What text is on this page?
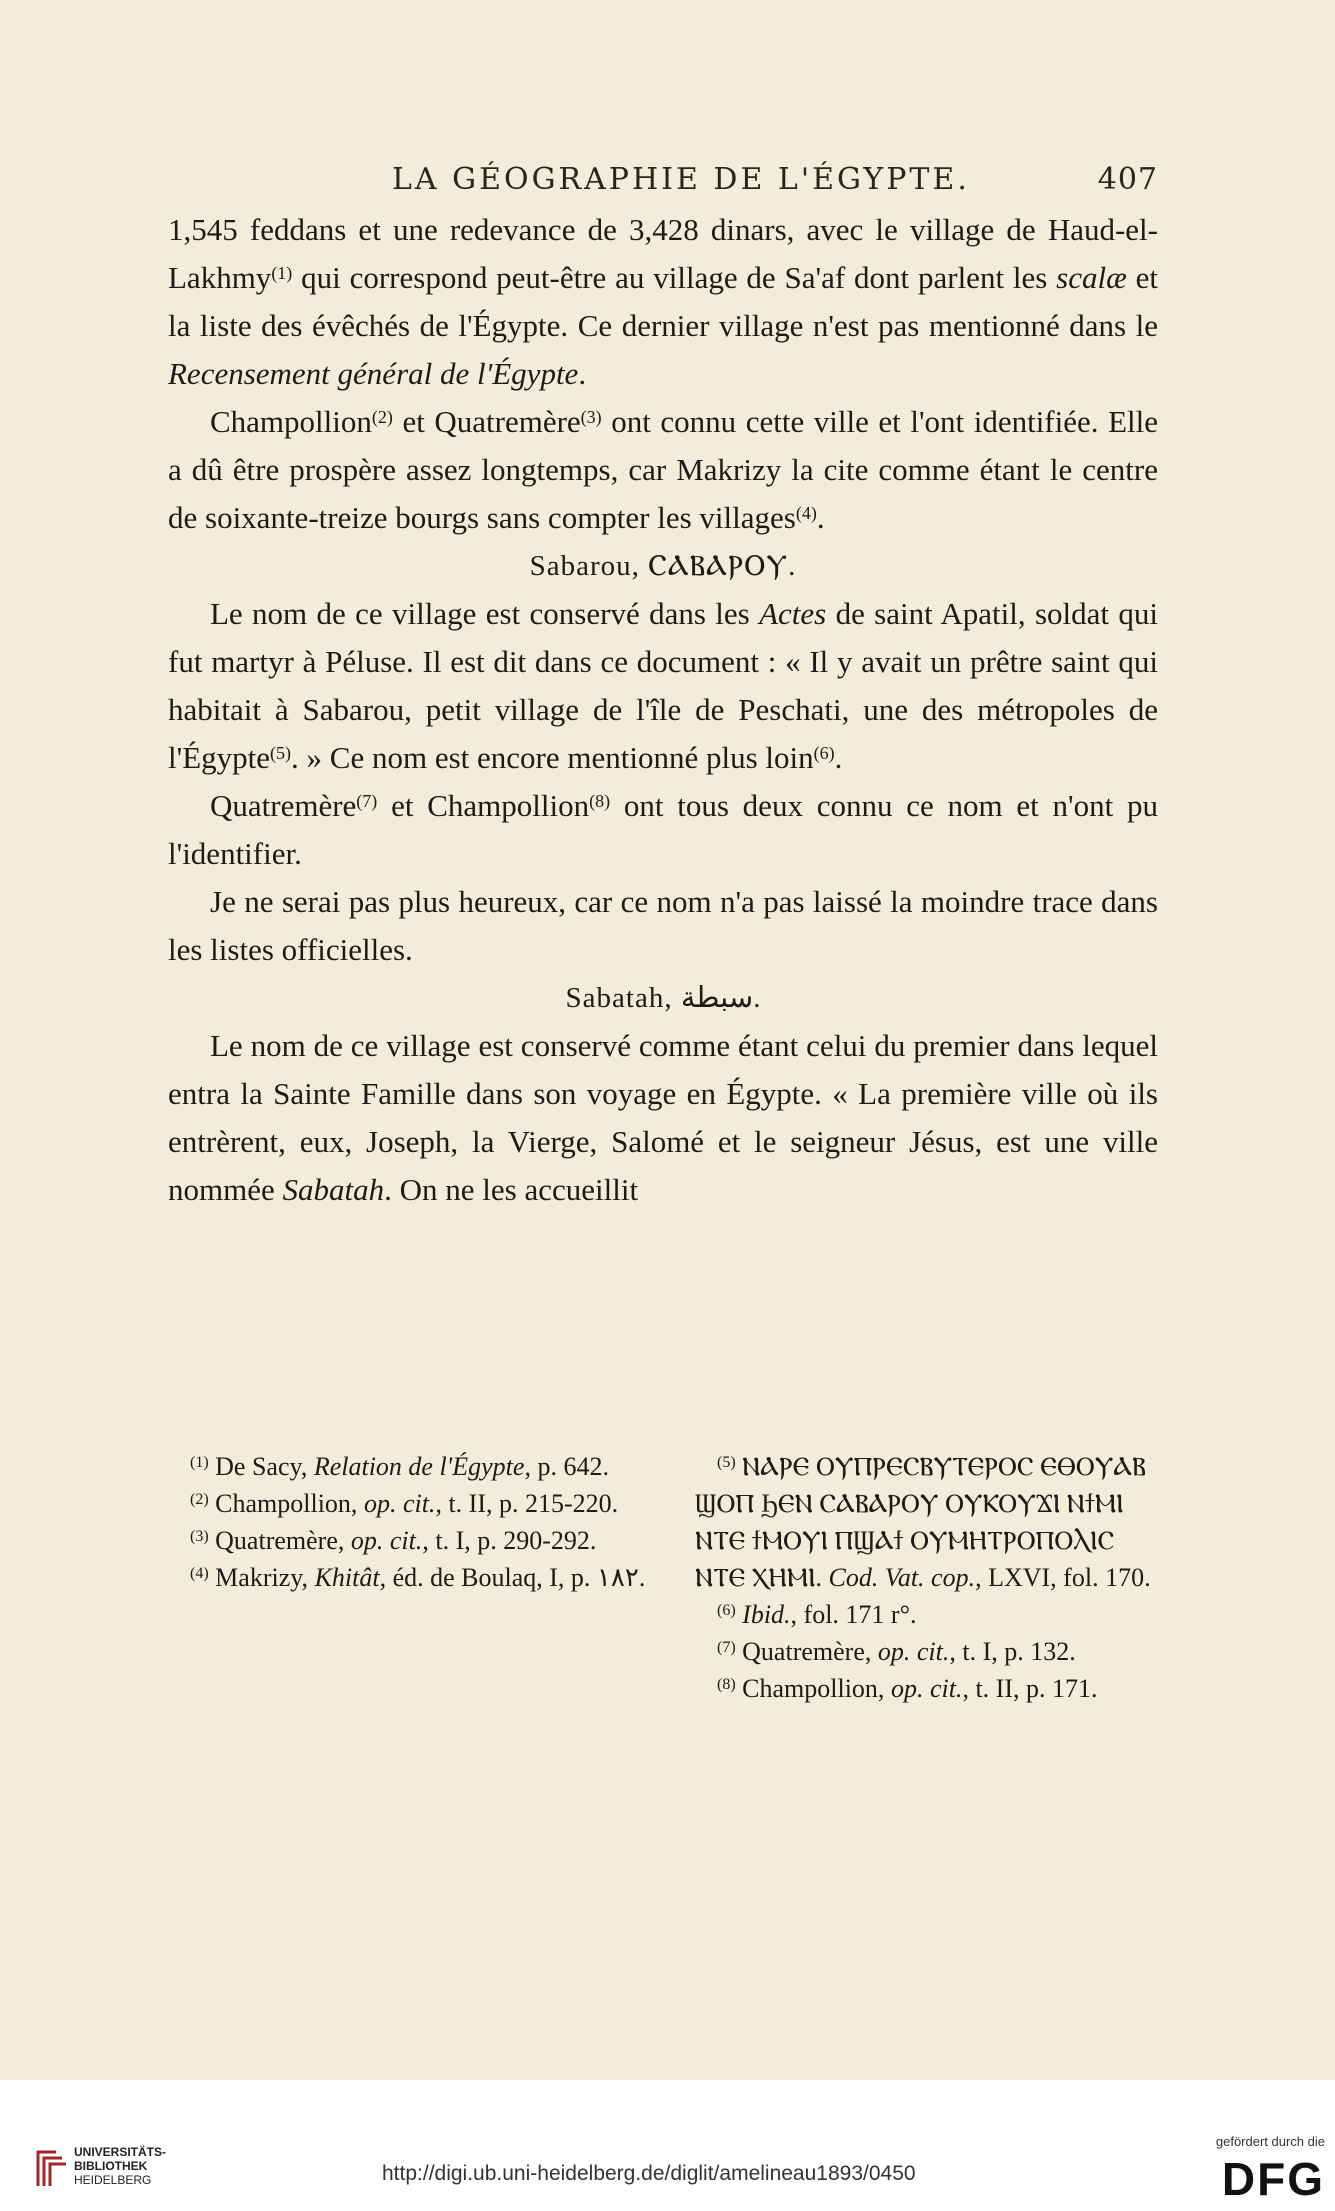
LA GÉOGRAPHIE DE L'ÉGYPTE.	407

1,545 feddans et une redevance de 3,428 dinars, avec le village de Haud-el-Lakhmy$^{(1)}$ qui correspond peut-être au village de Sa'af dont parlent les scalæ et la liste des évêchés de l'Égypte. Ce dernier village n'est pas mentionné dans le Recensement général de l'Égypte.

Champollion$^{(2)}$ et Quatremère$^{(3)}$ ont connu cette ville et l'ont identifiée. Elle a dû être prospère assez longtemps, car Makrizy la cite comme étant le centre de soixante-treize bourgs sans compter les villages$^{(4)}$.

Sabarou, ⲤⲀⲂⲀⲢⲞⲨ.

Le nom de ce village est conservé dans les Actes de saint Apatil, soldat qui fut martyr à Péluse. Il est dit dans ce document : « Il y avait un prêtre saint qui habitait à Sabarou, petit village de l'île de Peschati, une des métropoles de l'Égypte$^{(5)}$. » Ce nom est encore mentionné plus loin$^{(6)}$.

Quatremère$^{(7)}$ et Champollion$^{(8)}$ ont tous deux connu ce nom et n'ont pu l'identifier.

Je ne serai pas plus heureux, car ce nom n'a pas laissé la moindre trace dans les listes officielles.

Sabatah, سبطة.

Le nom de ce village est conservé comme étant celui du premier dans lequel entra la Sainte Famille dans son voyage en Égypte. « La première ville où ils entrèrent, eux, Joseph, la Vierge, Salomé et le seigneur Jésus, est une ville nommée Sabatah. On ne les accueillit

$^{(1)}$ De Sacy, Relation de l'Égypte, p. 642.

$^{(2)}$ Champollion, op. cit., t. II, p. 215-220.

$^{(3)}$ Quatremère, op. cit., t. I, p. 290-292.

$^{(4)}$ Makrizy, Khitât, éd. de Boulaq, I, p. ١٨٢.

$^{(5)}$ ⲚⲀⲢⲈ ⲞⲨⲠⲢⲈⲤⲂⲨⲦⲈⲢⲞⲤ ⲈⲐⲞⲨⲀⲂ ϢⲞⲠ ϦⲈⲚ ⲤⲀⲂⲀⲢⲞⲨ ⲞⲨⲔⲞⲨϪⲒ ⲚϯⲘⲒ ⲚⲦⲈ ϯⲘⲞⲨⲒ ⲠϢⲀϯ ⲞⲨⲘⲎⲦⲢⲞⲠⲞⲖⲒⲤ ⲚⲦⲈ ⲬⲎⲘⲒ. Cod. Vat. cop., LXVI, fol. 170.

$^{(6)}$ Ibid., fol. 171 r°.

$^{(7)}$ Quatremère, op. cit., t. I, p. 132.

$^{(8)}$ Champollion, op. cit., t. II, p. 171.

UNIVERSITÄTS-
BIBLIOTHEK
HEIDELBERG	http://digi.ub.uni-heidelberg.de/diglit/amelineau1893/0450
gefördert durch die
DFG
